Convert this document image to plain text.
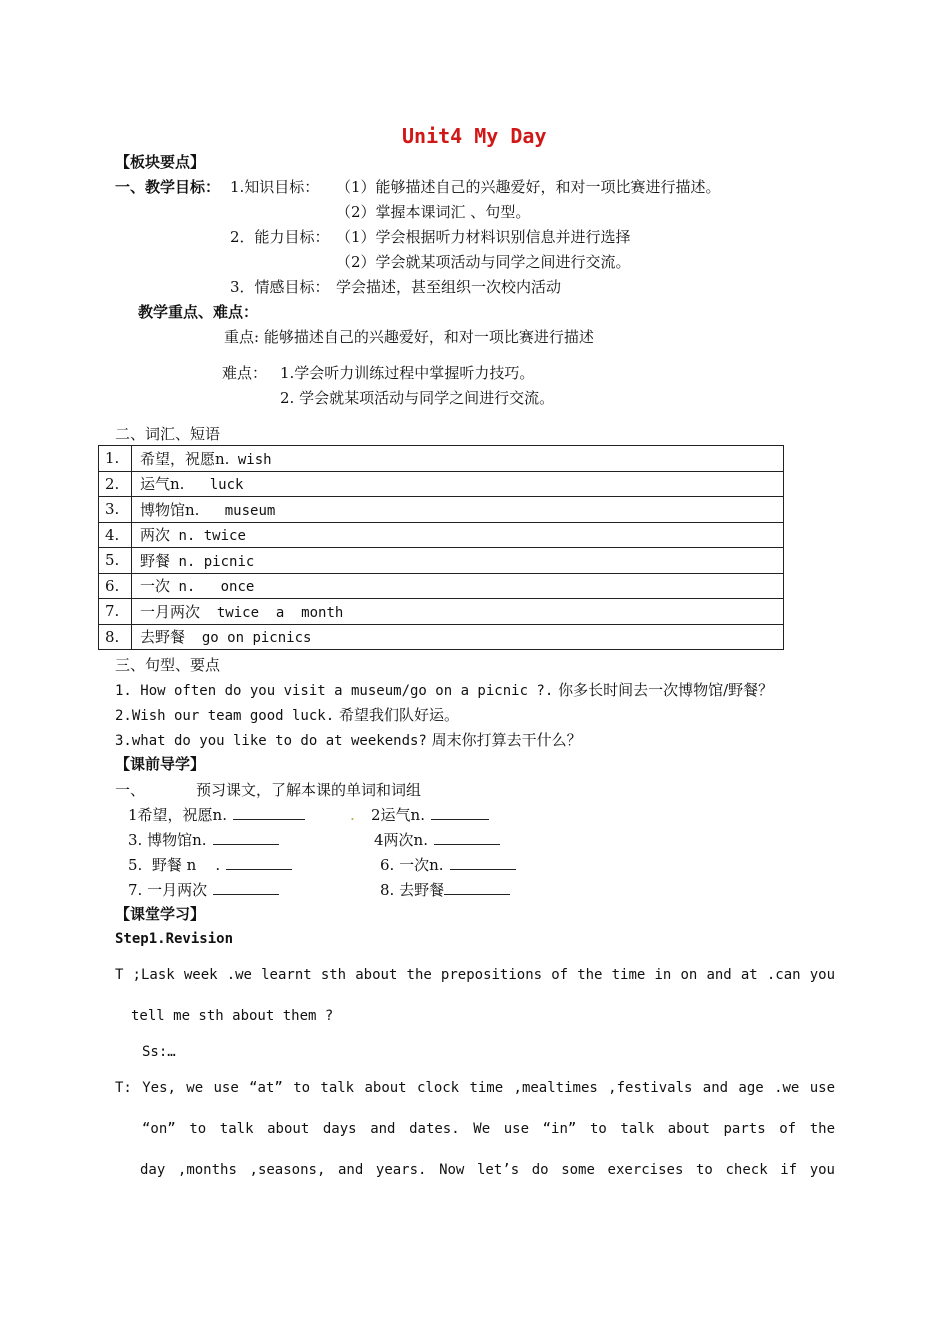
Unit4 My Day
【板块要点】
一、教学目标： 1.知识目标： （1）能够描述自己的兴趣爱好，和对一项比赛进行描述。
（2）掌握本课词汇 、句型。
2．能力目标： （1）学会根据听力材料识别信息并进行选择
（2）学会就某项活动与同学之间进行交流。
3．情感目标： 学会描述，甚至组织一次校内活动
教学重点、难点：
重点: 能够描述自己的兴趣爱好，和对一项比赛进行描述
难点： 1.学会听力训练过程中掌握听力技巧。
2. 学会就某项活动与同学之间进行交流。
二、词汇、短语
1.	希望，祝愿n. wish
2.	运气n.   luck
3.	博物馆n.   museum
4.	两次 n. twice
5.	野餐 n. picnic
6.	一次 n.   once
7.	一月两次  twice  a  month
8.	去野餐  go on picnics
三、句型、要点
1. How often do you visit a museum/go on a picnic ?. 你多长时间去一次博物馆/野餐？
2.Wish our team good luck. 希望我们队好运。
3.what do you like to do at weekends? 周末你打算去干什么？
【课前导学】
一、	预习课文，了解本课的单词和词组
1希望，祝愿n.	. 2运气n.
3. 博物馆n.	4两次n.
5.  野餐 n    .	6. 一次n.
7. 一月两次	8. 去野餐
【课堂学习】
Step1.Revision
T ;Lask week .we learnt sth about the prepositions of the time in on and at .can you
tell me sth about them ?
Ss:…
T: Yes, we use “at” to talk about clock time ,mealtimes ,festivals and age .we use
“on” to talk about days and dates. We use “in” to talk about parts of the
day ,months ,seasons, and years. Now let’s do some exercises to check if you
